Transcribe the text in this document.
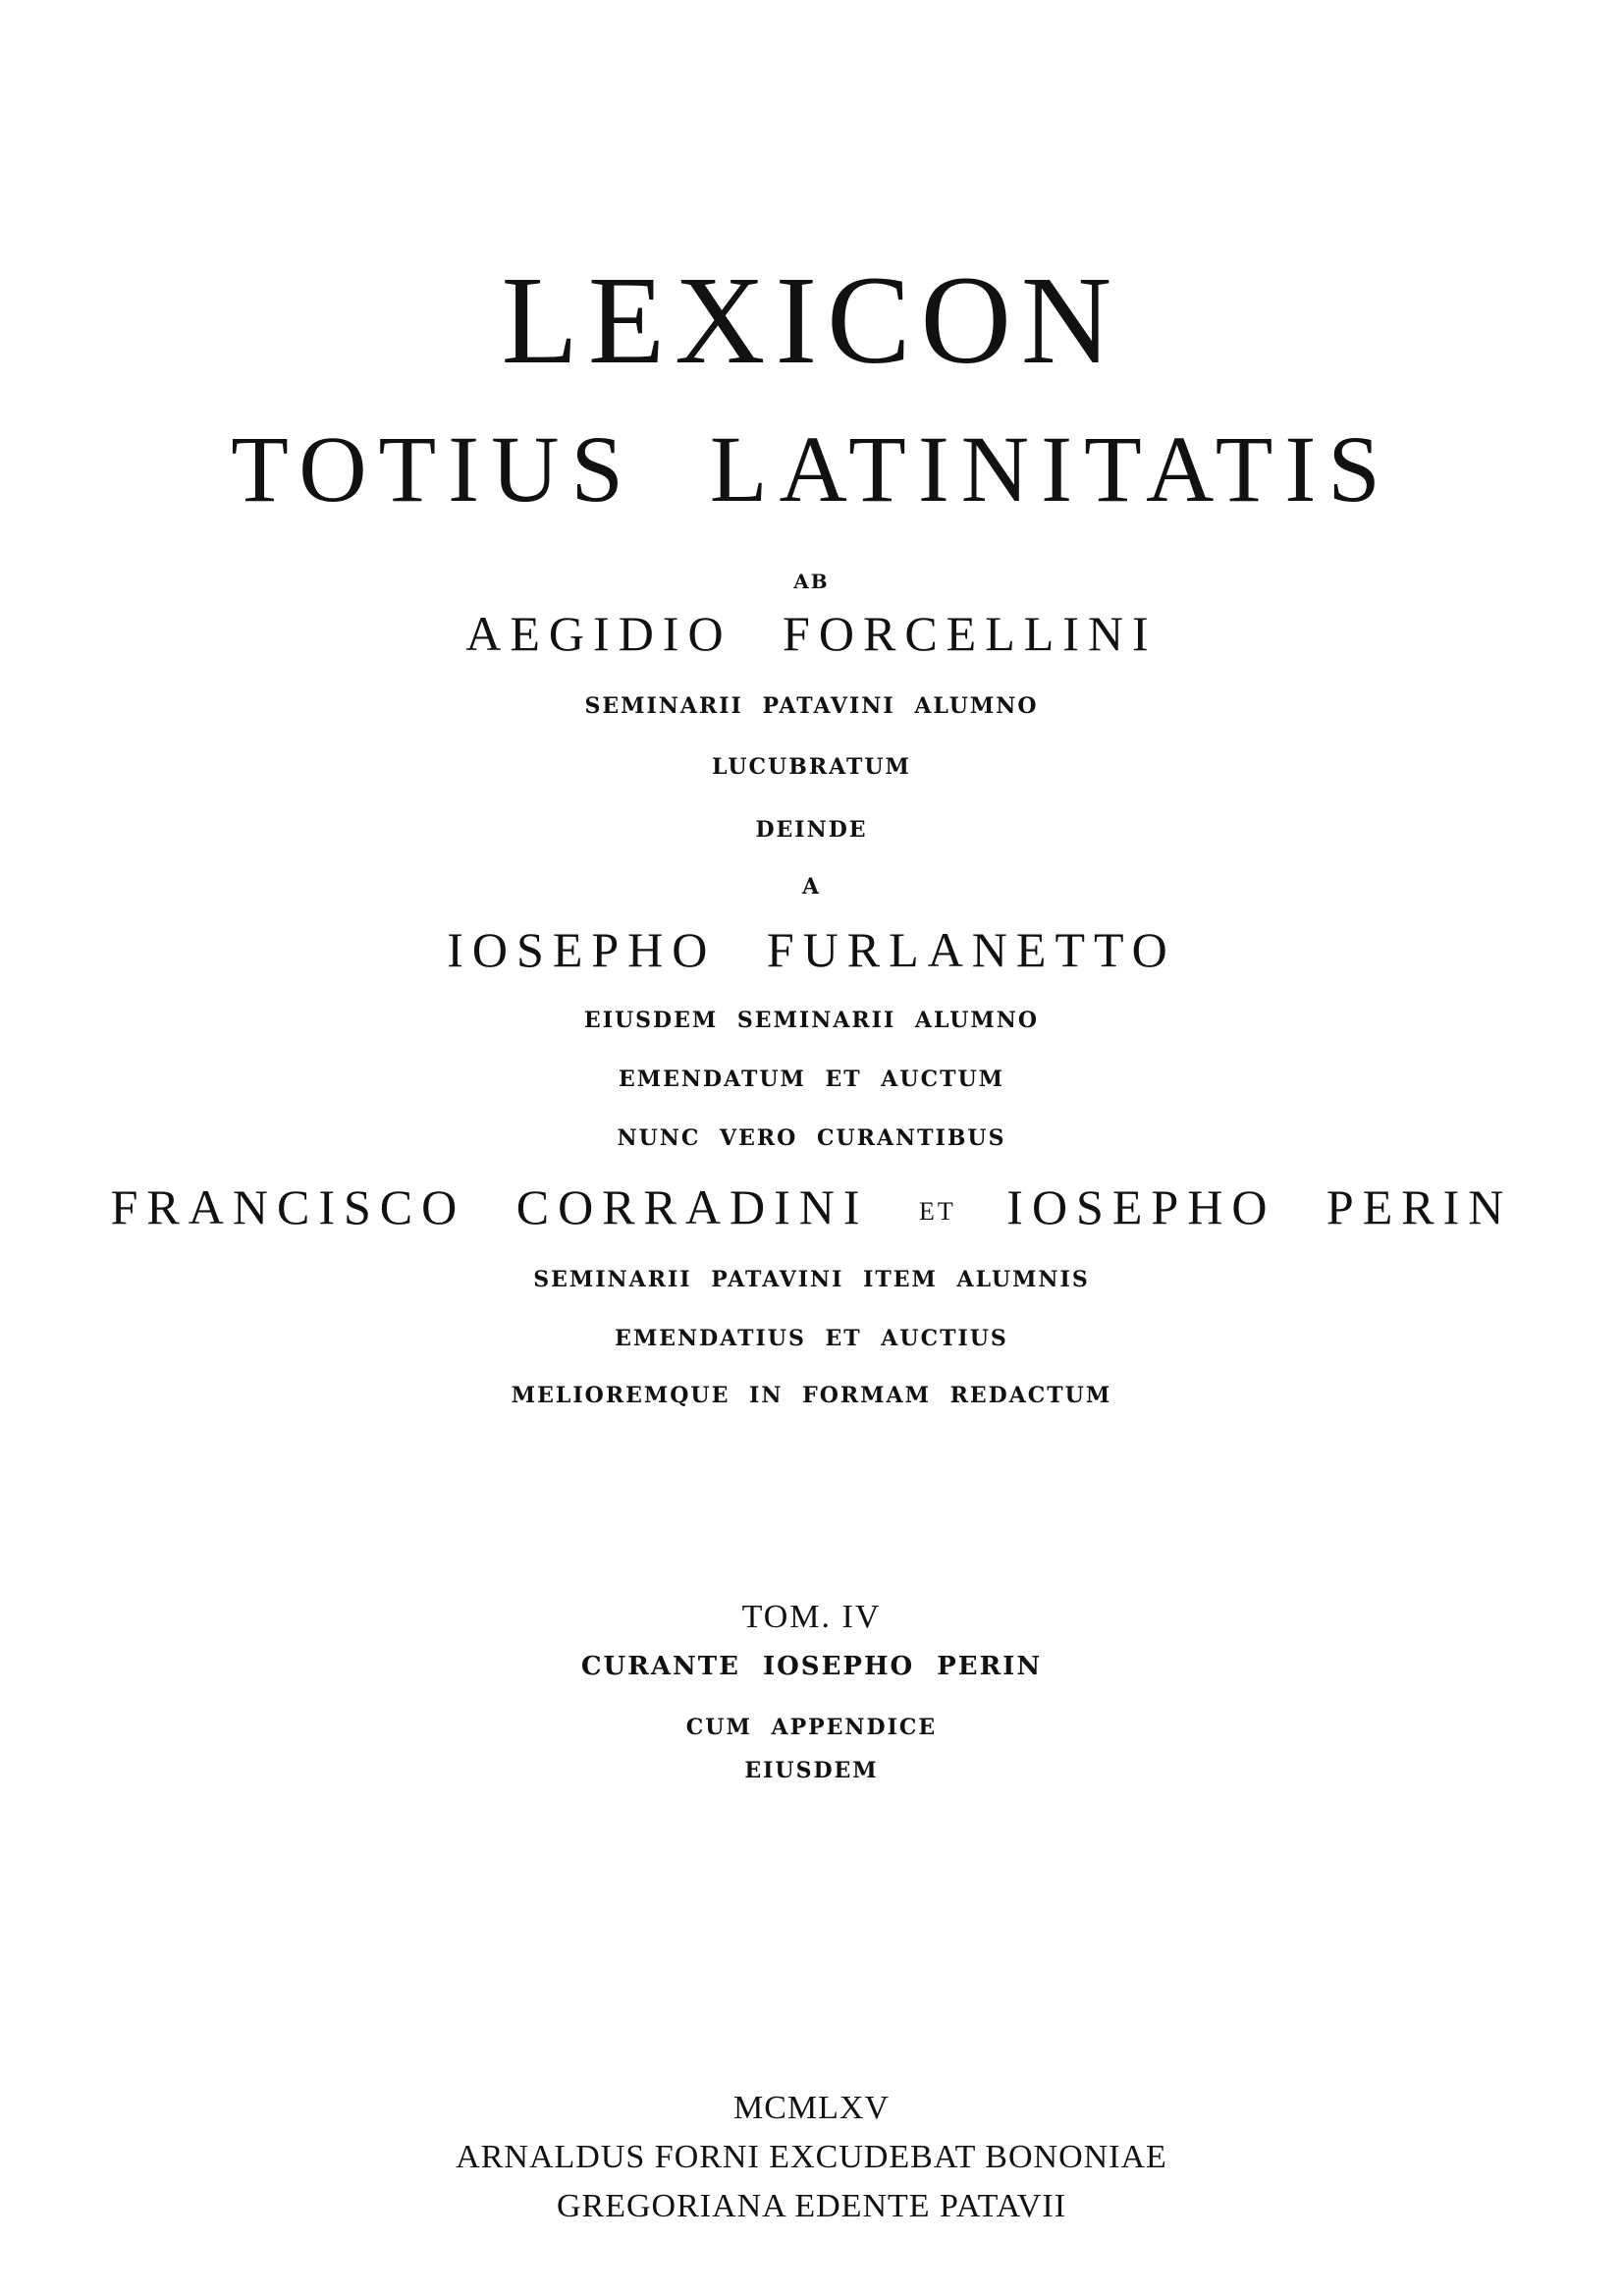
LEXICON
TOTIUS LATINITATIS
AB
AEGIDIO FORCELLINI
SEMINARII PATAVINI ALUMNO
LUCUBRATUM
DEINDE
A
IOSEPHO FURLANETTO
EIUSDEM SEMINARII ALUMNO
EMENDATUM ET AUCTUM
NUNC VERO CURANTIBUS
FRANCISCO CORRADINI ET IOSEPHO PERIN
SEMINARII PATAVINI ITEM ALUMNIS
EMENDATIUS ET AUCTIUS
MELIOREMQUE IN FORMAM REDACTUM
TOM. IV
CURANTE IOSEPHO PERIN
CUM APPENDICE
EIUSDEM
MCMLXV
ARNALDUS FORNI EXCUDEBAT BONONIAE
GREGORIANA EDENTE PATAVII
